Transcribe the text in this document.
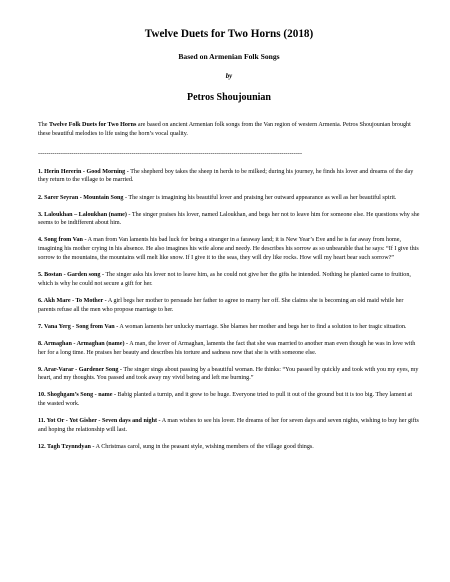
Twelve Duets for Two Horns (2018)
Based on Armenian Folk Songs
by
Petros Shoujounian

The Twelve Folk Duets for Two Horns are based on ancient Armenian folk songs from the Van region of western Armenia. Petros Shoujounian brought these beautiful melodies to life using the horn’s vocal quality.

-------------------------------------------------------------------------------------------------------------------------------

1. Herin Hererin - Good Morning - The shepherd boy takes the sheep in herds to be milked; during his journey, he finds his lover and dreams of the day they return to the village to be married.

2. Sarer Seyran - Mountain Song - The singer is imagining his beautiful lover and praising her outward appearance as well as her beautiful spirit.

3. Laloukhan – Laloukhan (name) - The singer praises his lover, named Laloukhan, and begs her not to leave him for someone else. He questions why she seems to be indifferent about him.

4. Song from Van - A man from Van laments his bad luck for being a stranger in a faraway land; it is New Year’s Eve and he is far away from home, imagining his mother crying in his absence. He also imagines his wife alone and needy. He describes his sorrow as so unbearable that he says: “If I give this sorrow to the mountains, the mountains will melt like snow. If I give it to the seas, they will dry like rocks. How will my heart bear such sorrow?”

5. Bostan - Garden song - The singer asks his lover not to leave him, as he could not give her the gifts he intended. Nothing he planted came to fruition, which is why he could not secure a gift for her.

6. Akh Mare - To Mother - A girl begs her mother to persuade her father to agree to marry her off. She claims she is becoming an old maid while her parents refuse all the men who propose marriage to her.

7. Vana Yerg - Song from Van - A woman laments her unlucky marriage. She blames her mother and begs her to find a solution to her tragic situation.

8. Armaghan - Armaghan (name) - A man, the lover of Armaghan, laments the fact that she was married to another man even though he was in love with her for a long time. He praises her beauty and describes his torture and sadness now that she is with someone else.

9. Arar-Varar - Gardener Song - The singer sings about passing by a beautiful woman. He thinks: “You passed by quickly and took with you my eyes, my heart, and my thoughts. You passed and took away my vivid being and left me burning.”

10. Shoghgam’s Song - name - Babig planted a turnip, and it grew to be huge. Everyone tried to pull it out of the ground but it is too big. They lament at the wasted work.

11. Yot Or - Yot Gisher - Seven days and night - A man wishes to see his lover. He dreams of her for seven days and seven nights, wishing to buy her gifts and hoping the relationship will last.

12. Tagh Tzynndyan - A Christmas carol, sung in the peasant style, wishing members of the village good things.
